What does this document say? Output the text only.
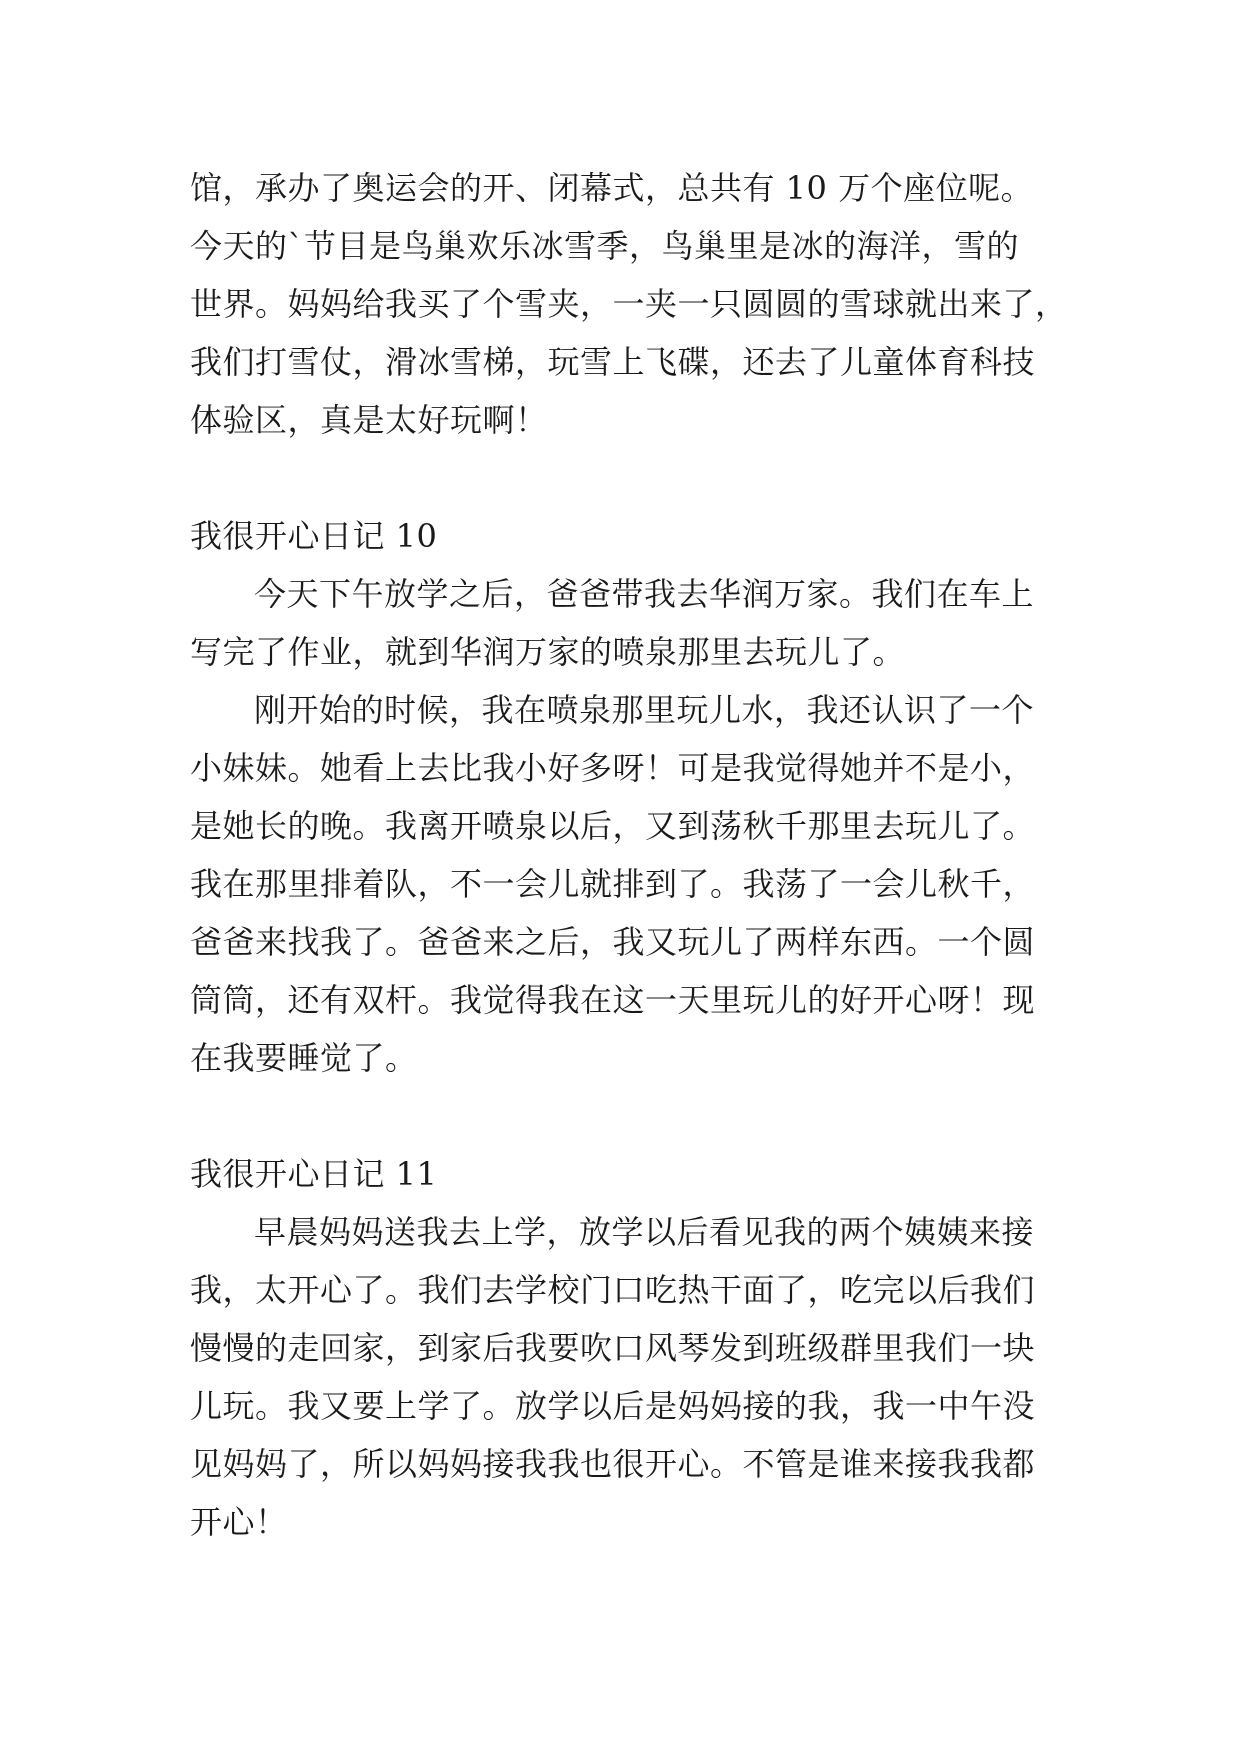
馆，承办了奥运会的开、闭幕式，总共有 10 万个座位呢。
今天的`节目是鸟巢欢乐冰雪季，鸟巢里是冰的海洋，雪的
世界。妈妈给我买了个雪夹，一夹一只圆圆的雪球就出来了，
我们打雪仗，滑冰雪梯，玩雪上飞碟，还去了儿童体育科技
体验区，真是太好玩啊！
我很开心日记 10
今天下午放学之后，爸爸带我去华润万家。我们在车上
写完了作业，就到华润万家的喷泉那里去玩儿了。
刚开始的时候，我在喷泉那里玩儿水，我还认识了一个
小妹妹。她看上去比我小好多呀！可是我觉得她并不是小，
是她长的晚。我离开喷泉以后，又到荡秋千那里去玩儿了。
我在那里排着队，不一会儿就排到了。我荡了一会儿秋千，
爸爸来找我了。爸爸来之后，我又玩儿了两样东西。一个圆
筒筒，还有双杆。我觉得我在这一天里玩儿的好开心呀！现
在我要睡觉了。
我很开心日记 11
早晨妈妈送我去上学，放学以后看见我的两个姨姨来接
我，太开心了。我们去学校门口吃热干面了，吃完以后我们
慢慢的走回家，到家后我要吹口风琴发到班级群里我们一块
儿玩。我又要上学了。放学以后是妈妈接的我，我一中午没
见妈妈了，所以妈妈接我我也很开心。不管是谁来接我我都
开心！
